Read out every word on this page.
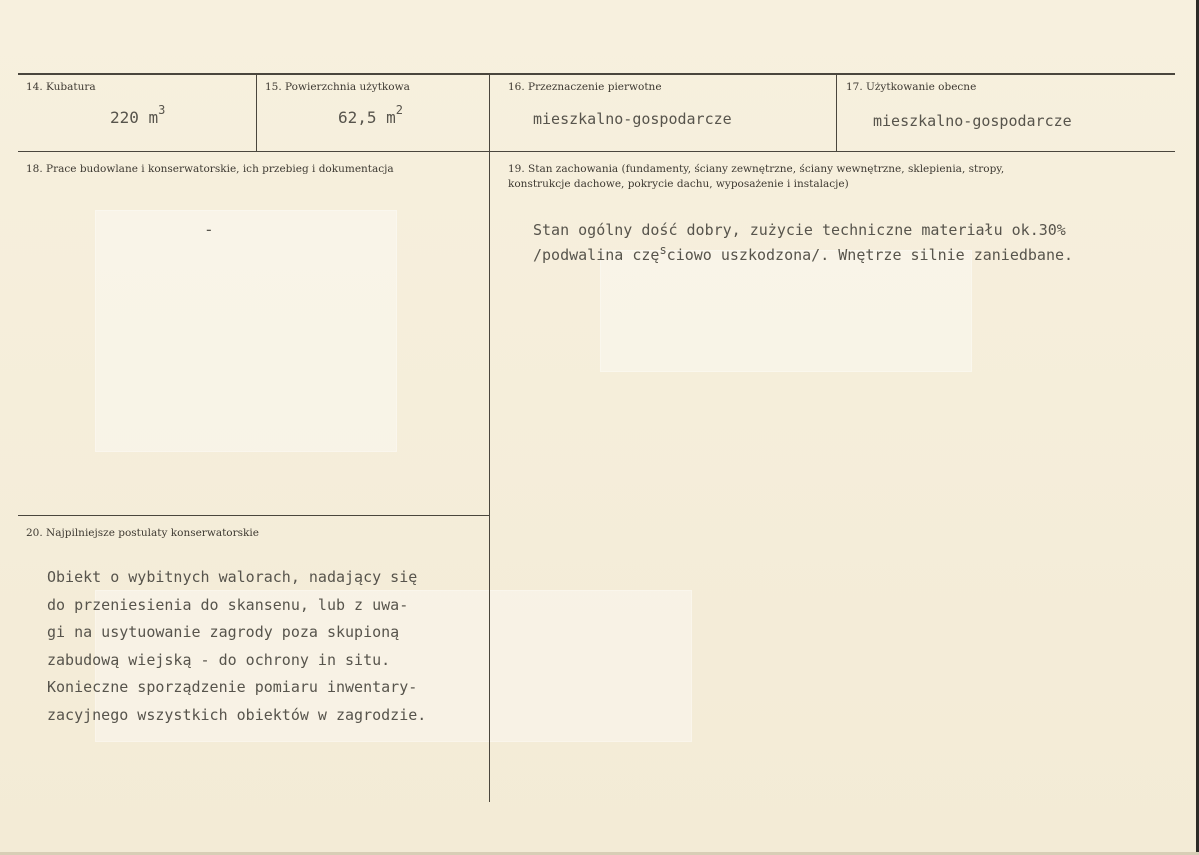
14. Kubatura
220 $m^3$
15. Powierzchnia użytkowa
62,5 $m^2$
16. Przeznaczenie pierwotne
mieszkalno-gospodarcze
17. Użytkowanie obecne
mieszkalno-gospodarcze
18. Prace budowlane i konserwatorskie, ich przebieg i dokumentacja
-
19. Stan zachowania (fundamenty, ściany zewnętrzne, ściany wewnętrzne, sklepienia, stropy,
konstrukcje dachowe, pokrycie dachu, wyposażenie i instalacje)
Stan ogólny dość dobry, zużycie techniczne materiału ok.30%
/podwalina czę$^s$ciowo uszkodzona/. Wnętrze silnie zaniedbane.
20. Najpilniejsze postulaty konserwatorskie
Obiekt o wybitnych walorach, nadający się
do przeniesienia do skansenu, lub z uwa-
gi na usytuowanie zagrody poza skupioną
zabudową wiejską - do ochrony in situ.
Konieczne sporządzenie pomiaru inwentary-
zacyjnego wszystkich obiektów w zagrodzie.
